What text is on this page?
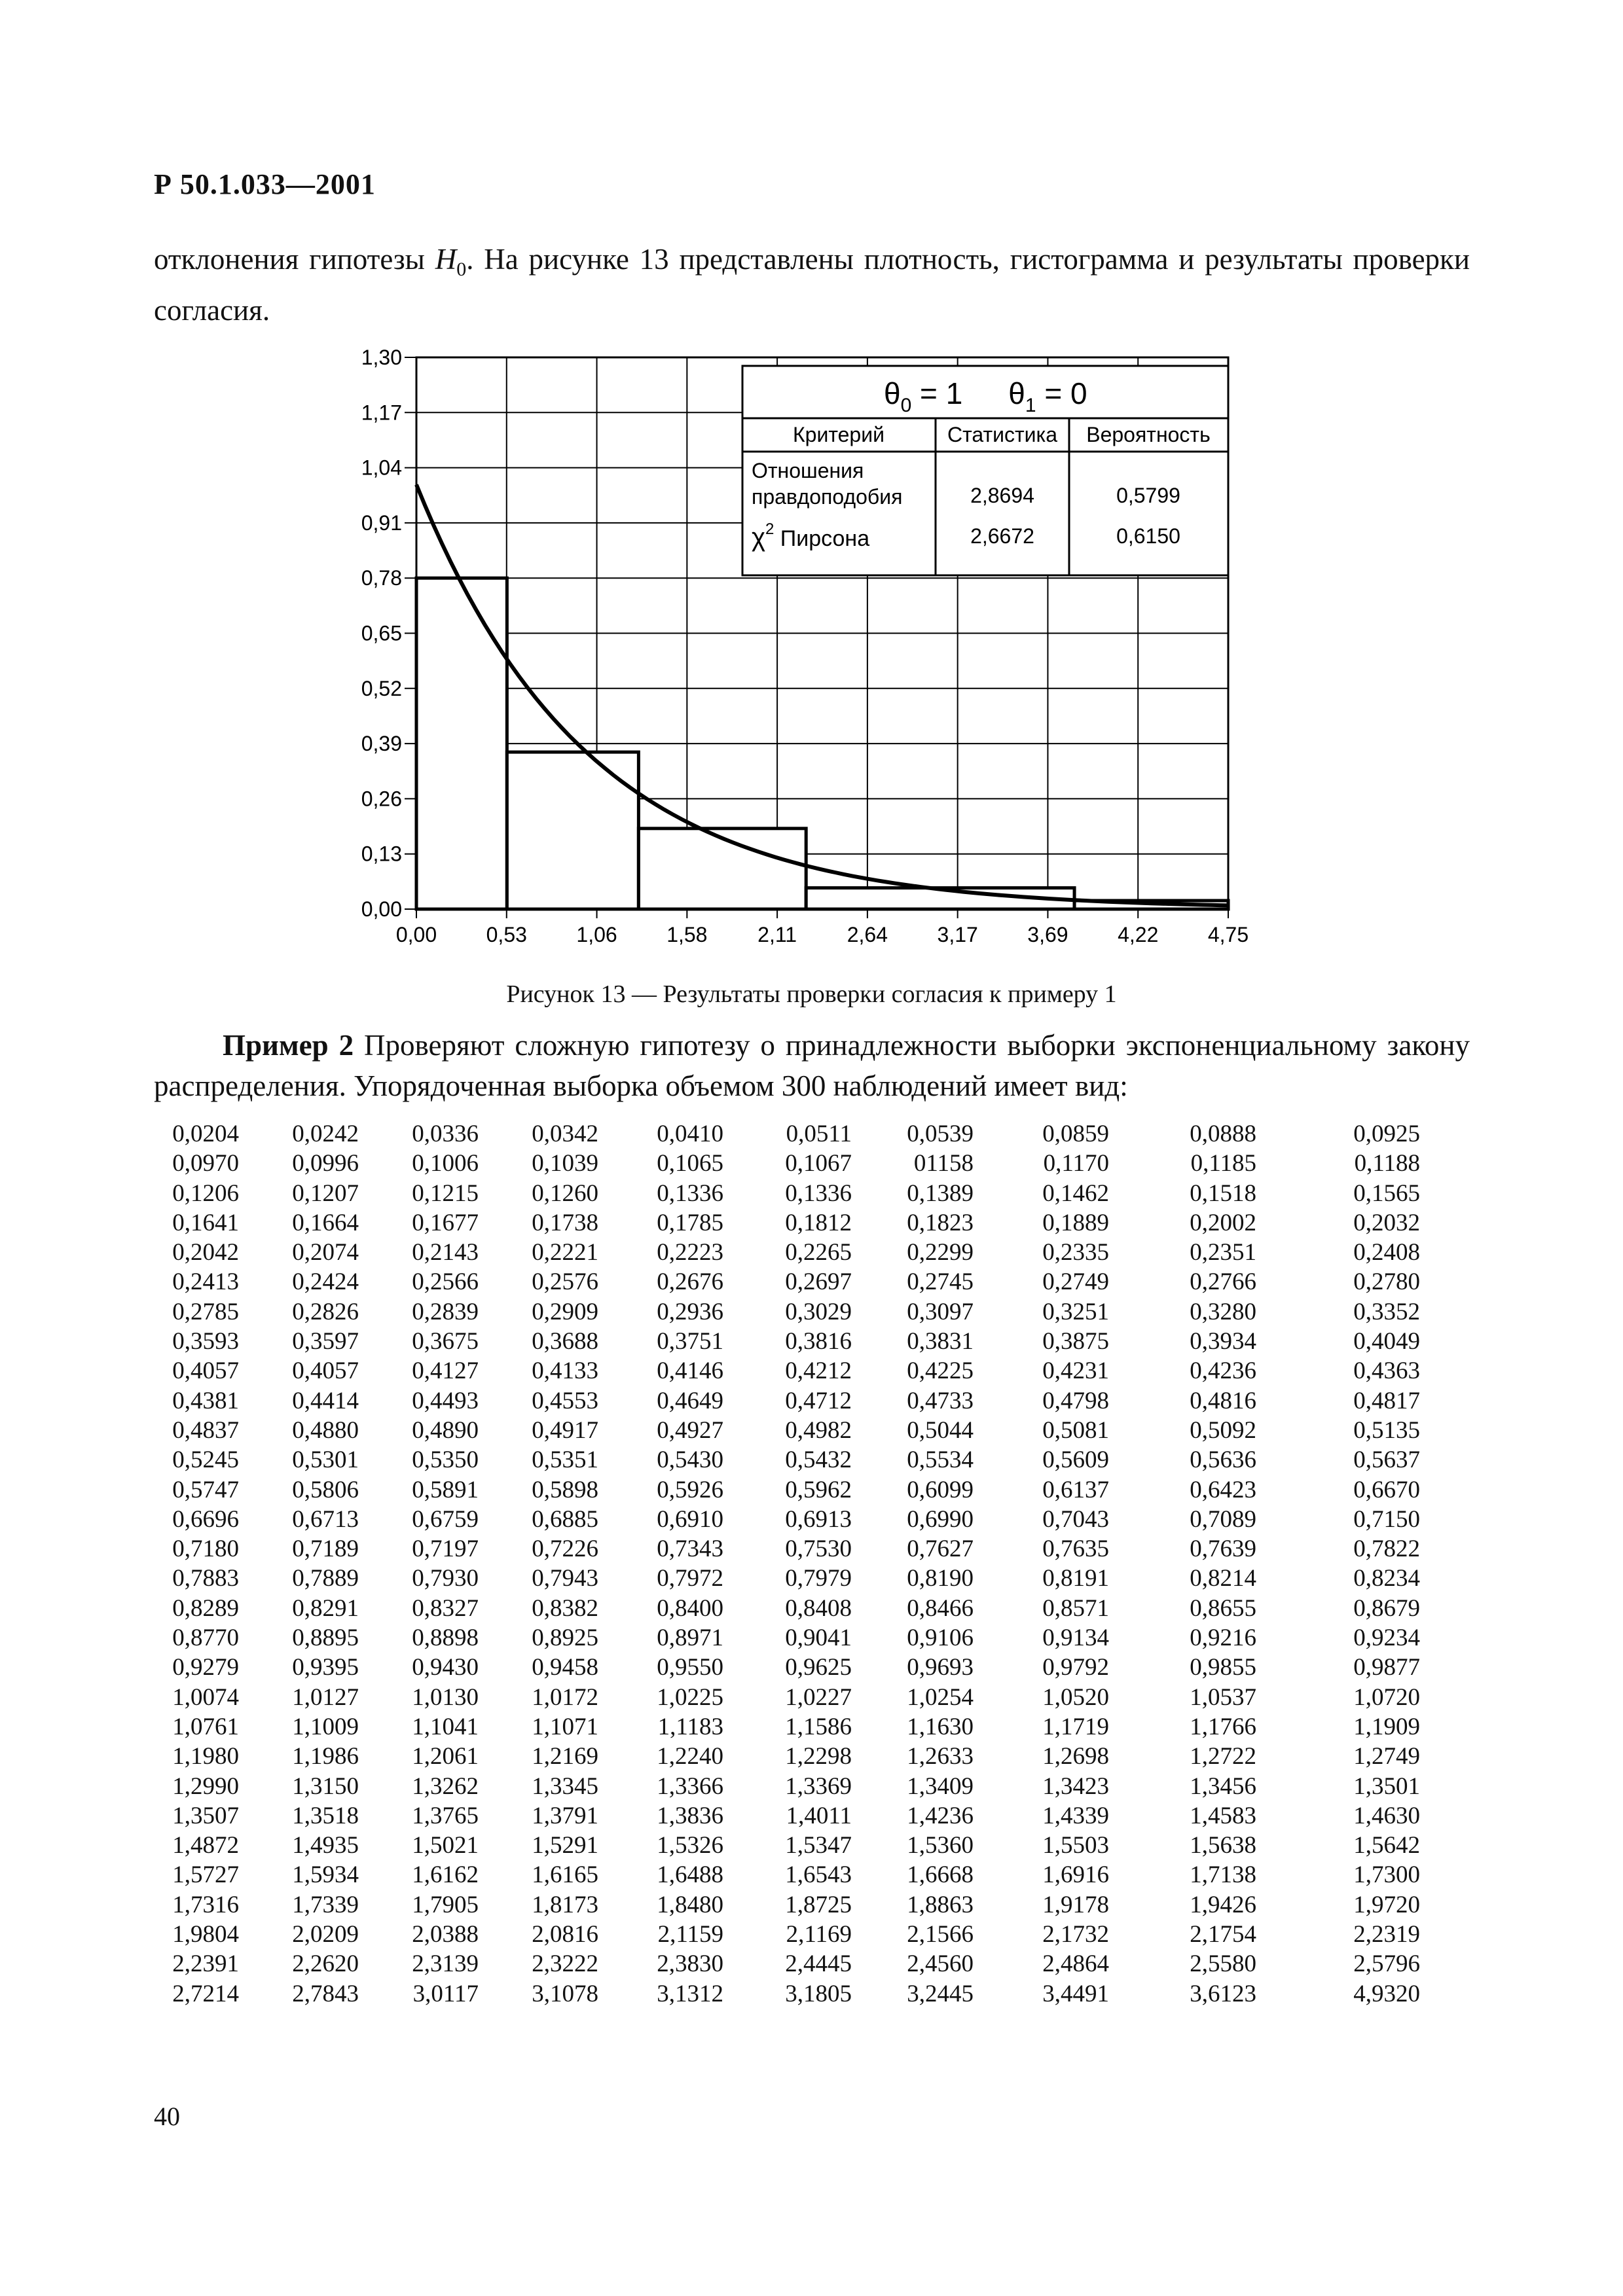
Р 50.1.033—2001
отклонения гипотезы $H_0$. На рисунке 13 представлены плотность, гистограмма и результаты проверки согласия.
0,00 0,53 1,06 1,58 2,11 2,64 3,17 3,69 4,22 4,75
0,00
0,13
0,26
0,39
0,52
0,65
0,78
0,91
1,04
1,17
1,30
$\theta_0 = 1$ $\theta_1 = 0$
Критерий	Статистика Вероятность
Отношения
правдоподобия	2,8694	0,5799
$\chi^2$ Пирсона	2,6672	0,6150
Рисунок 13 — Результаты проверки согласия к примеру 1
Пример 2 Проверяют сложную гипотезу о принадлежности выборки экспоненциальному закону распределения. Упорядоченная выборка объемом 300 наблюдений имеет вид:
0,0204	0,0242	0,0336	0,0342	0,0410	0,0511	0,0539	0,0859	0,0888	0,0925
0,0970	0,0996	0,1006	0,1039	0,1065	0,1067	01158	0,1170	0,1185	0,1188
0,1206	0,1207	0,1215	0,1260	0,1336	0,1336	0,1389	0,1462	0,1518	0,1565
0,1641	0,1664	0,1677	0,1738	0,1785	0,1812	0,1823	0,1889	0,2002	0,2032
0,2042	0,2074	0,2143	0,2221	0,2223	0,2265	0,2299	0,2335	0,2351	0,2408
0,2413	0,2424	0,2566	0,2576	0,2676	0,2697	0,2745	0,2749	0,2766	0,2780
0,2785	0,2826	0,2839	0,2909	0,2936	0,3029	0,3097	0,3251	0,3280	0,3352
0,3593	0,3597	0,3675	0,3688	0,3751	0,3816	0,3831	0,3875	0,3934	0,4049
0,4057	0,4057	0,4127	0,4133	0,4146	0,4212	0,4225	0,4231	0,4236	0,4363
0,4381	0,4414	0,4493	0,4553	0,4649	0,4712	0,4733	0,4798	0,4816	0,4817
0,4837	0,4880	0,4890	0,4917	0,4927	0,4982	0,5044	0,5081	0,5092	0,5135
0,5245	0,5301	0,5350	0,5351	0,5430	0,5432	0,5534	0,5609	0,5636	0,5637
0,5747	0,5806	0,5891	0,5898	0,5926	0,5962	0,6099	0,6137	0,6423	0,6670
0,6696	0,6713	0,6759	0,6885	0,6910	0,6913	0,6990	0,7043	0,7089	0,7150
0,7180	0,7189	0,7197	0,7226	0,7343	0,7530	0,7627	0,7635	0,7639	0,7822
0,7883	0,7889	0,7930	0,7943	0,7972	0,7979	0,8190	0,8191	0,8214	0,8234
0,8289	0,8291	0,8327	0,8382	0,8400	0,8408	0,8466	0,8571	0,8655	0,8679
0,8770	0,8895	0,8898	0,8925	0,8971	0,9041	0,9106	0,9134	0,9216	0,9234
0,9279	0,9395	0,9430	0,9458	0,9550	0,9625	0,9693	0,9792	0,9855	0,9877
1,0074	1,0127	1,0130	1,0172	1,0225	1,0227	1,0254	1,0520	1,0537	1,0720
1,0761	1,1009	1,1041	1,1071	1,1183	1,1586	1,1630	1,1719	1,1766	1,1909
1,1980	1,1986	1,2061	1,2169	1,2240	1,2298	1,2633	1,2698	1,2722	1,2749
1,2990	1,3150	1,3262	1,3345	1,3366	1,3369	1,3409	1,3423	1,3456	1,3501
1,3507	1,3518	1,3765	1,3791	1,3836	1,4011	1,4236	1,4339	1,4583	1,4630
1,4872	1,4935	1,5021	1,5291	1,5326	1,5347	1,5360	1,5503	1,5638	1,5642
1,5727	1,5934	1,6162	1,6165	1,6488	1,6543	1,6668	1,6916	1,7138	1,7300
1,7316	1,7339	1,7905	1,8173	1,8480	1,8725	1,8863	1,9178	1,9426	1,9720
1,9804	2,0209	2,0388	2,0816	2,1159	2,1169	2,1566	2,1732	2,1754	2,2319
2,2391	2,2620	2,3139	2,3222	2,3830	2,4445	2,4560	2,4864	2,5580	2,5796
2,7214	2,7843	3,0117	3,1078	3,1312	3,1805	3,2445	3,4491	3,6123	4,9320
40
